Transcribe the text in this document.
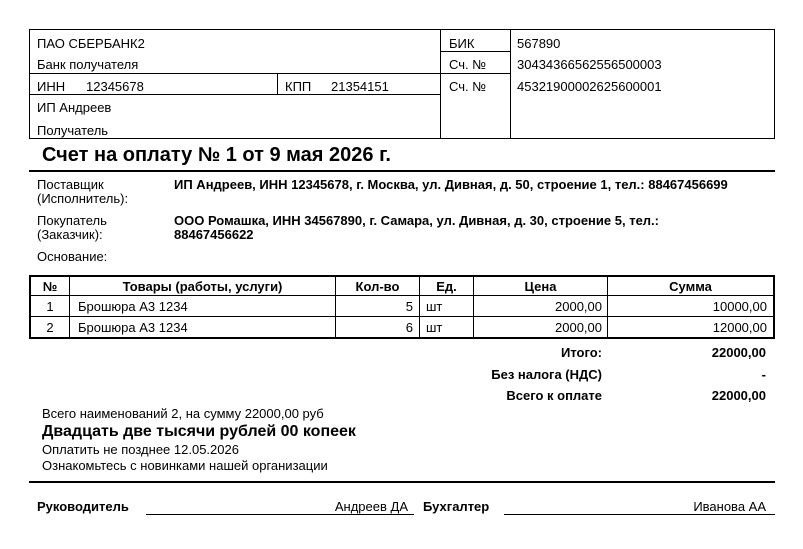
ПАО СБЕРБАНК2
Банк получателя
БИК	567890
Сч. № 30434366562556500003
ИНН 12345678	КПП 21354151	Сч. № 45321900002625600001
ИП Андреев
Получатель
Счет на оплату № 1 от 9 мая 2026 г.
Поставщик
(Исполнитель):
ИП Андреев, ИНН 12345678, г. Москва, ул. Дивная, д. 50, строение 1, тел.: 88467456699
Покупатель
(Заказчик):
ООО Ромашка, ИНН 34567890, г. Самара, ул. Дивная, д. 30, строение 5, тел.:
88467456622
Основание:
№	Товары (работы, услуги)	Кол-во	Ед.	Цена	Сумма
1	Брошюра А3 1234	5 шт	2000,00	10000,00
2	Брошюра А3 1234	6 шт	2000,00	12000,00
Итого:	22000,00
Без налога (НДС)	-
Всего к оплате	22000,00
Всего наименований 2, на сумму 22000,00 руб
Двадцать две тысячи рублей 00 копеек
Оплатить не позднее 12.05.2026
Ознакомьтесь с новинками нашей организации
Руководитель	Андреев ДА Бухгалтер	Иванова АА
